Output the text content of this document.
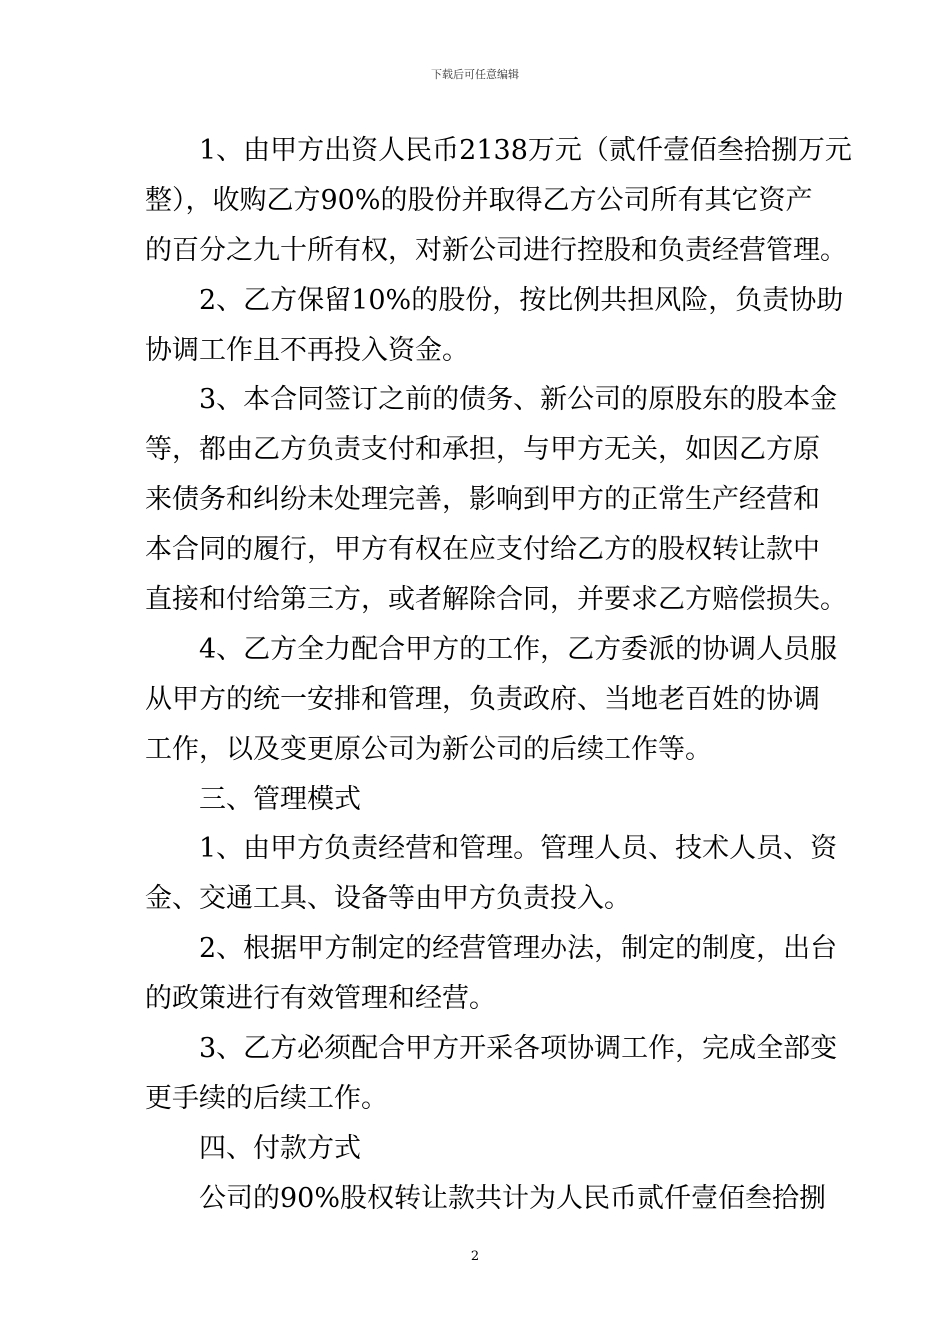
下载后可任意编辑
1、由甲方出资人民币2138万元（贰仟壹佰叁拾捌万元
整），收购乙方90%的股份并取得乙方公司所有其它资产
的百分之九十所有权，对新公司进行控股和负责经营管理。
2、乙方保留10%的股份，按比例共担风险，负责协助
协调工作且不再投入资金。
3、本合同签订之前的债务、新公司的原股东的股本金
等，都由乙方负责支付和承担，与甲方无关，如因乙方原
来债务和纠纷未处理完善，影响到甲方的正常生产经营和
本合同的履行，甲方有权在应支付给乙方的股权转让款中
直接和付给第三方，或者解除合同，并要求乙方赔偿损失。
4、乙方全力配合甲方的工作，乙方委派的协调人员服
从甲方的统一安排和管理，负责政府、当地老百姓的协调
工作，以及变更原公司为新公司的后续工作等。
三、管理模式
1、由甲方负责经营和管理。管理人员、技术人员、资
金、交通工具、设备等由甲方负责投入。
2、根据甲方制定的经营管理办法，制定的制度，出台
的政策进行有效管理和经营。
3、乙方必须配合甲方开采各项协调工作，完成全部变
更手续的后续工作。
四、付款方式
公司的90%股权转让款共计为人民币贰仟壹佰叁拾捌
2
